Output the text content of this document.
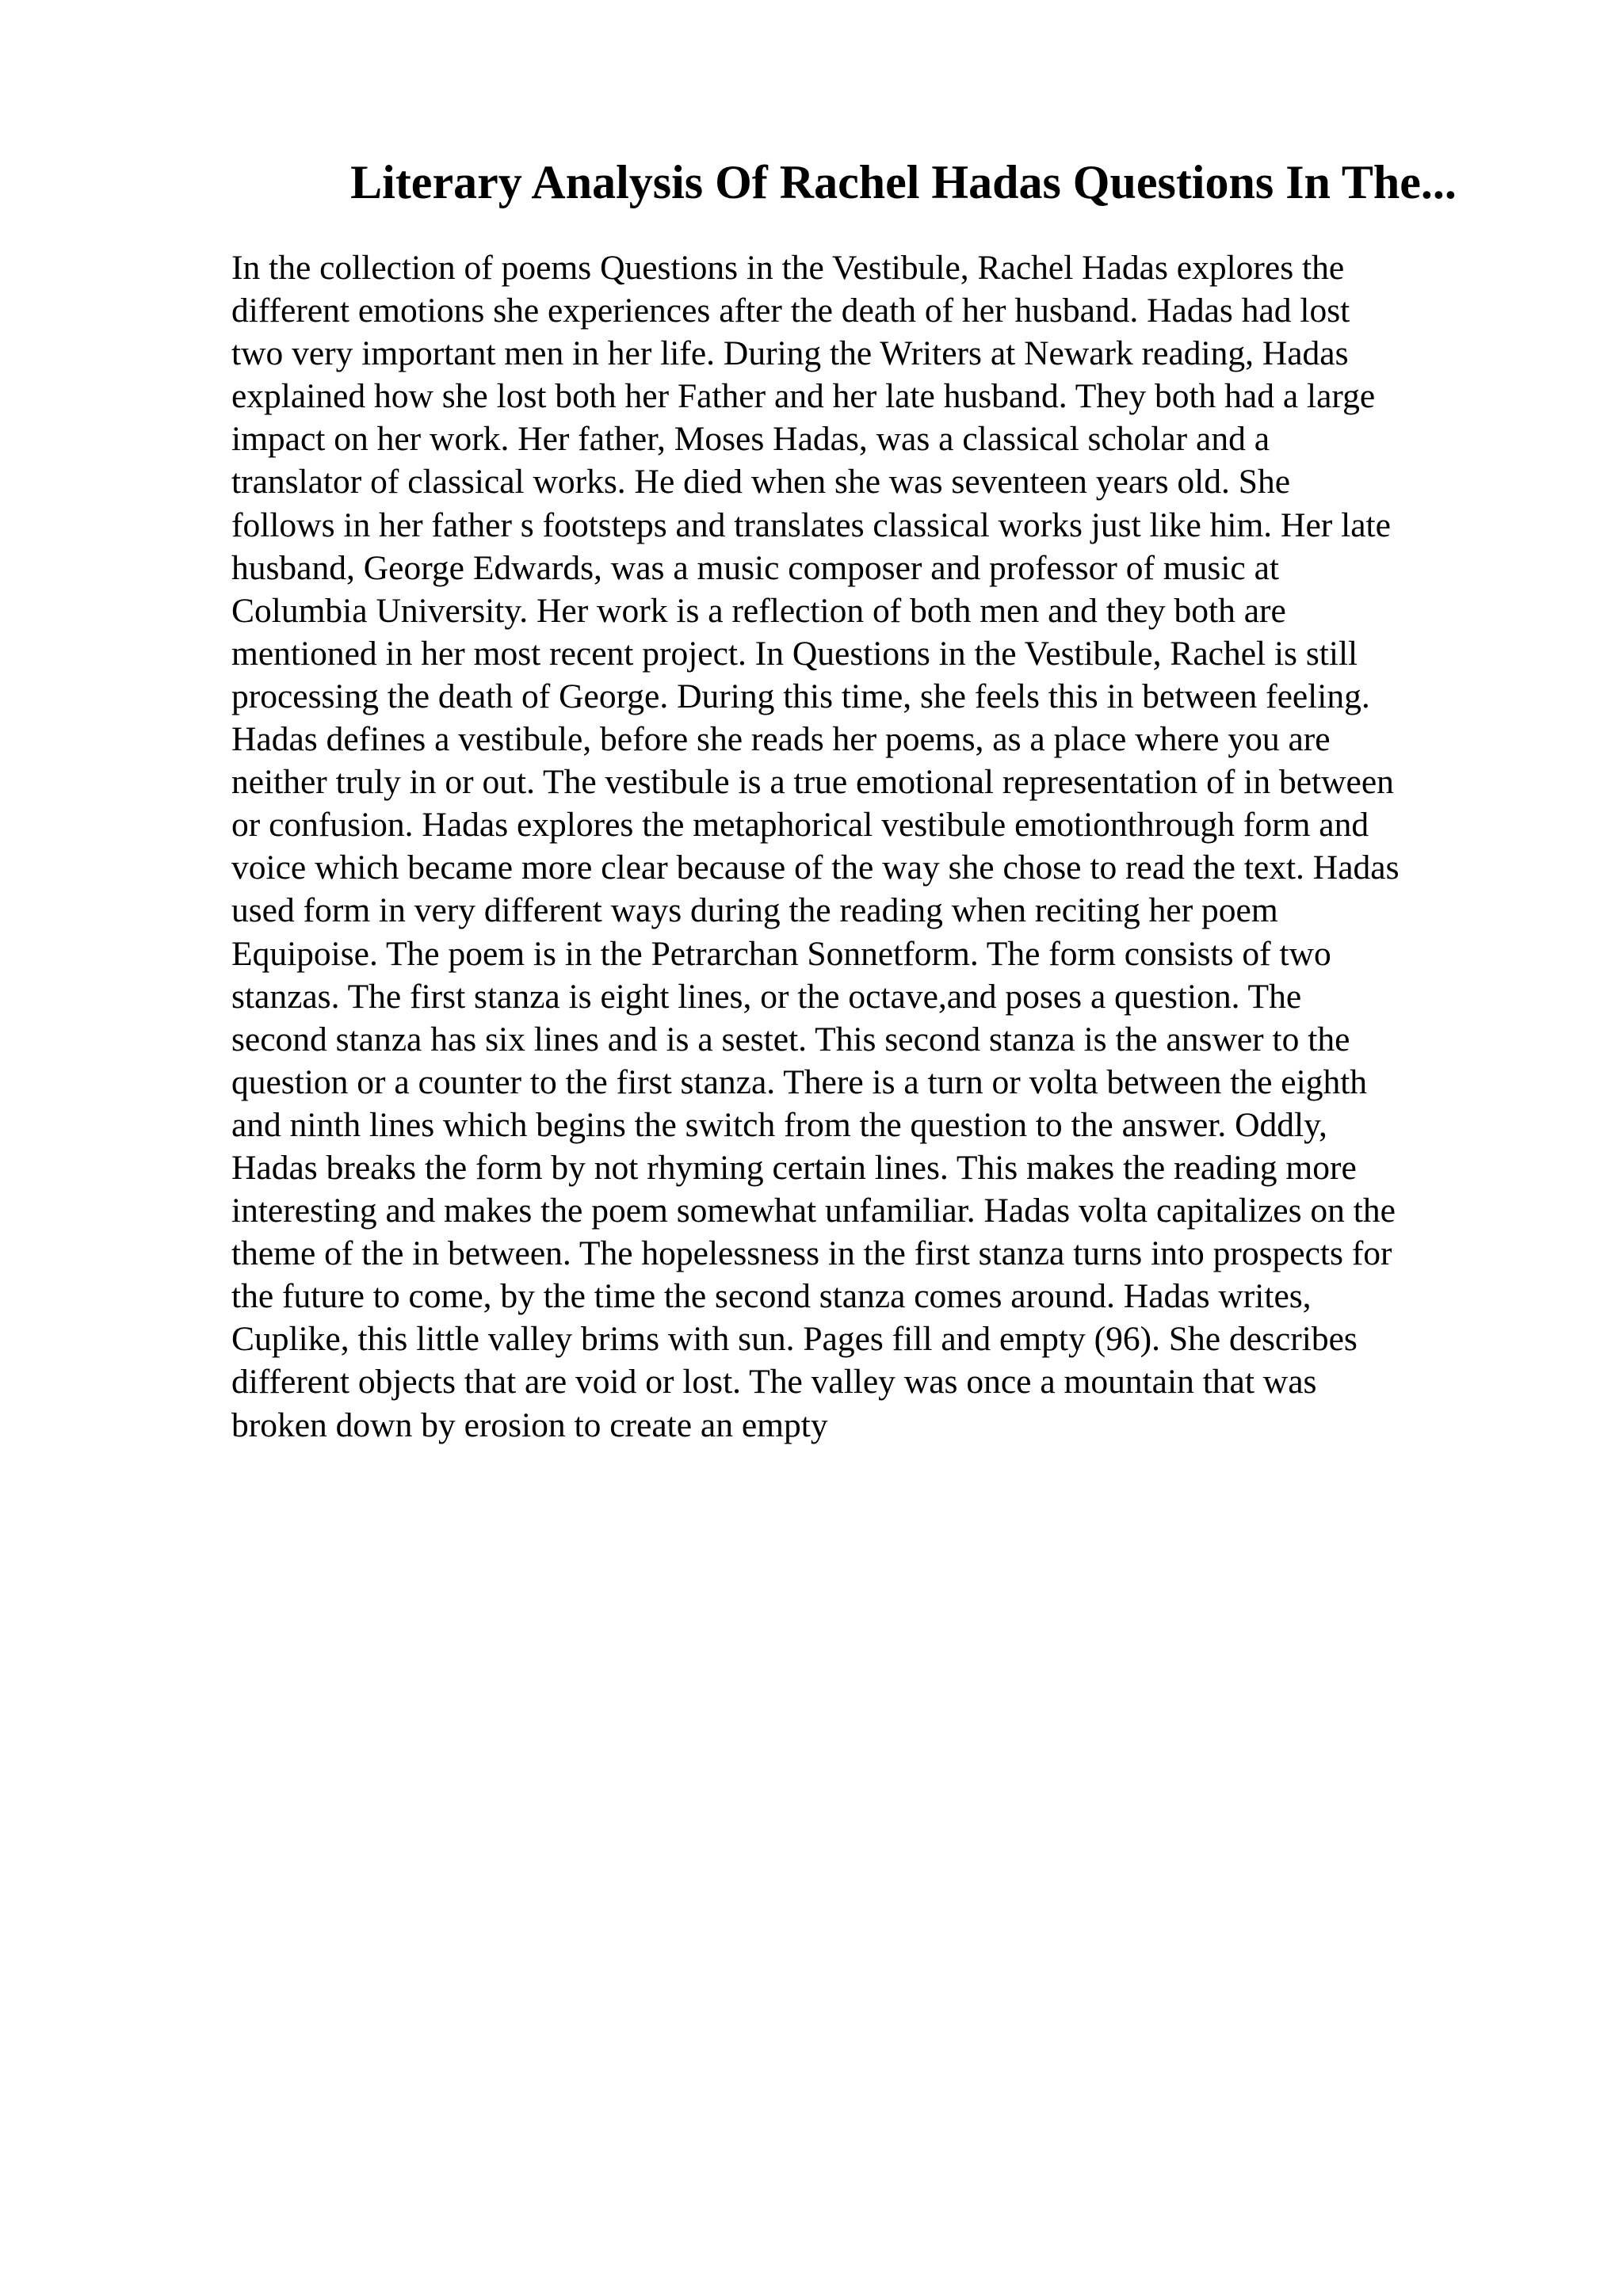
Literary Analysis Of Rachel Hadas Questions In The...
In the collection of poems Questions in the Vestibule, Rachel Hadas explores the
different emotions she experiences after the death of her husband. Hadas had lost
two very important men in her life. During the Writers at Newark reading, Hadas
explained how she lost both her Father and her late husband. They both had a large
impact on her work. Her father, Moses Hadas, was a classical scholar and a
translator of classical works. He died when she was seventeen years old. She
follows in her father s footsteps and translates classical works just like him. Her late
husband, George Edwards, was a music composer and professor of music at
Columbia University. Her work is a reflection of both men and they both are
mentioned in her most recent project. In Questions in the Vestibule, Rachel is still
processing the death of George. During this time, she feels this in between feeling.
Hadas defines a vestibule, before she reads her poems, as a place where you are
neither truly in or out. The vestibule is a true emotional representation of in between
or confusion. Hadas explores the metaphorical vestibule emotionthrough form and
voice which became more clear because of the way she chose to read the text. Hadas
used form in very different ways during the reading when reciting her poem
Equipoise. The poem is in the Petrarchan Sonnetform. The form consists of two
stanzas. The first stanza is eight lines, or the octave,and poses a question. The
second stanza has six lines and is a sestet. This second stanza is the answer to the
question or a counter to the first stanza. There is a turn or volta between the eighth
and ninth lines which begins the switch from the question to the answer. Oddly,
Hadas breaks the form by not rhyming certain lines. This makes the reading more
interesting and makes the poem somewhat unfamiliar. Hadas volta capitalizes on the
theme of the in between. The hopelessness in the first stanza turns into prospects for
the future to come, by the time the second stanza comes around. Hadas writes,
Cuplike, this little valley brims with sun. Pages fill and empty (96). She describes
different objects that are void or lost. The valley was once a mountain that was
broken down by erosion to create an empty
